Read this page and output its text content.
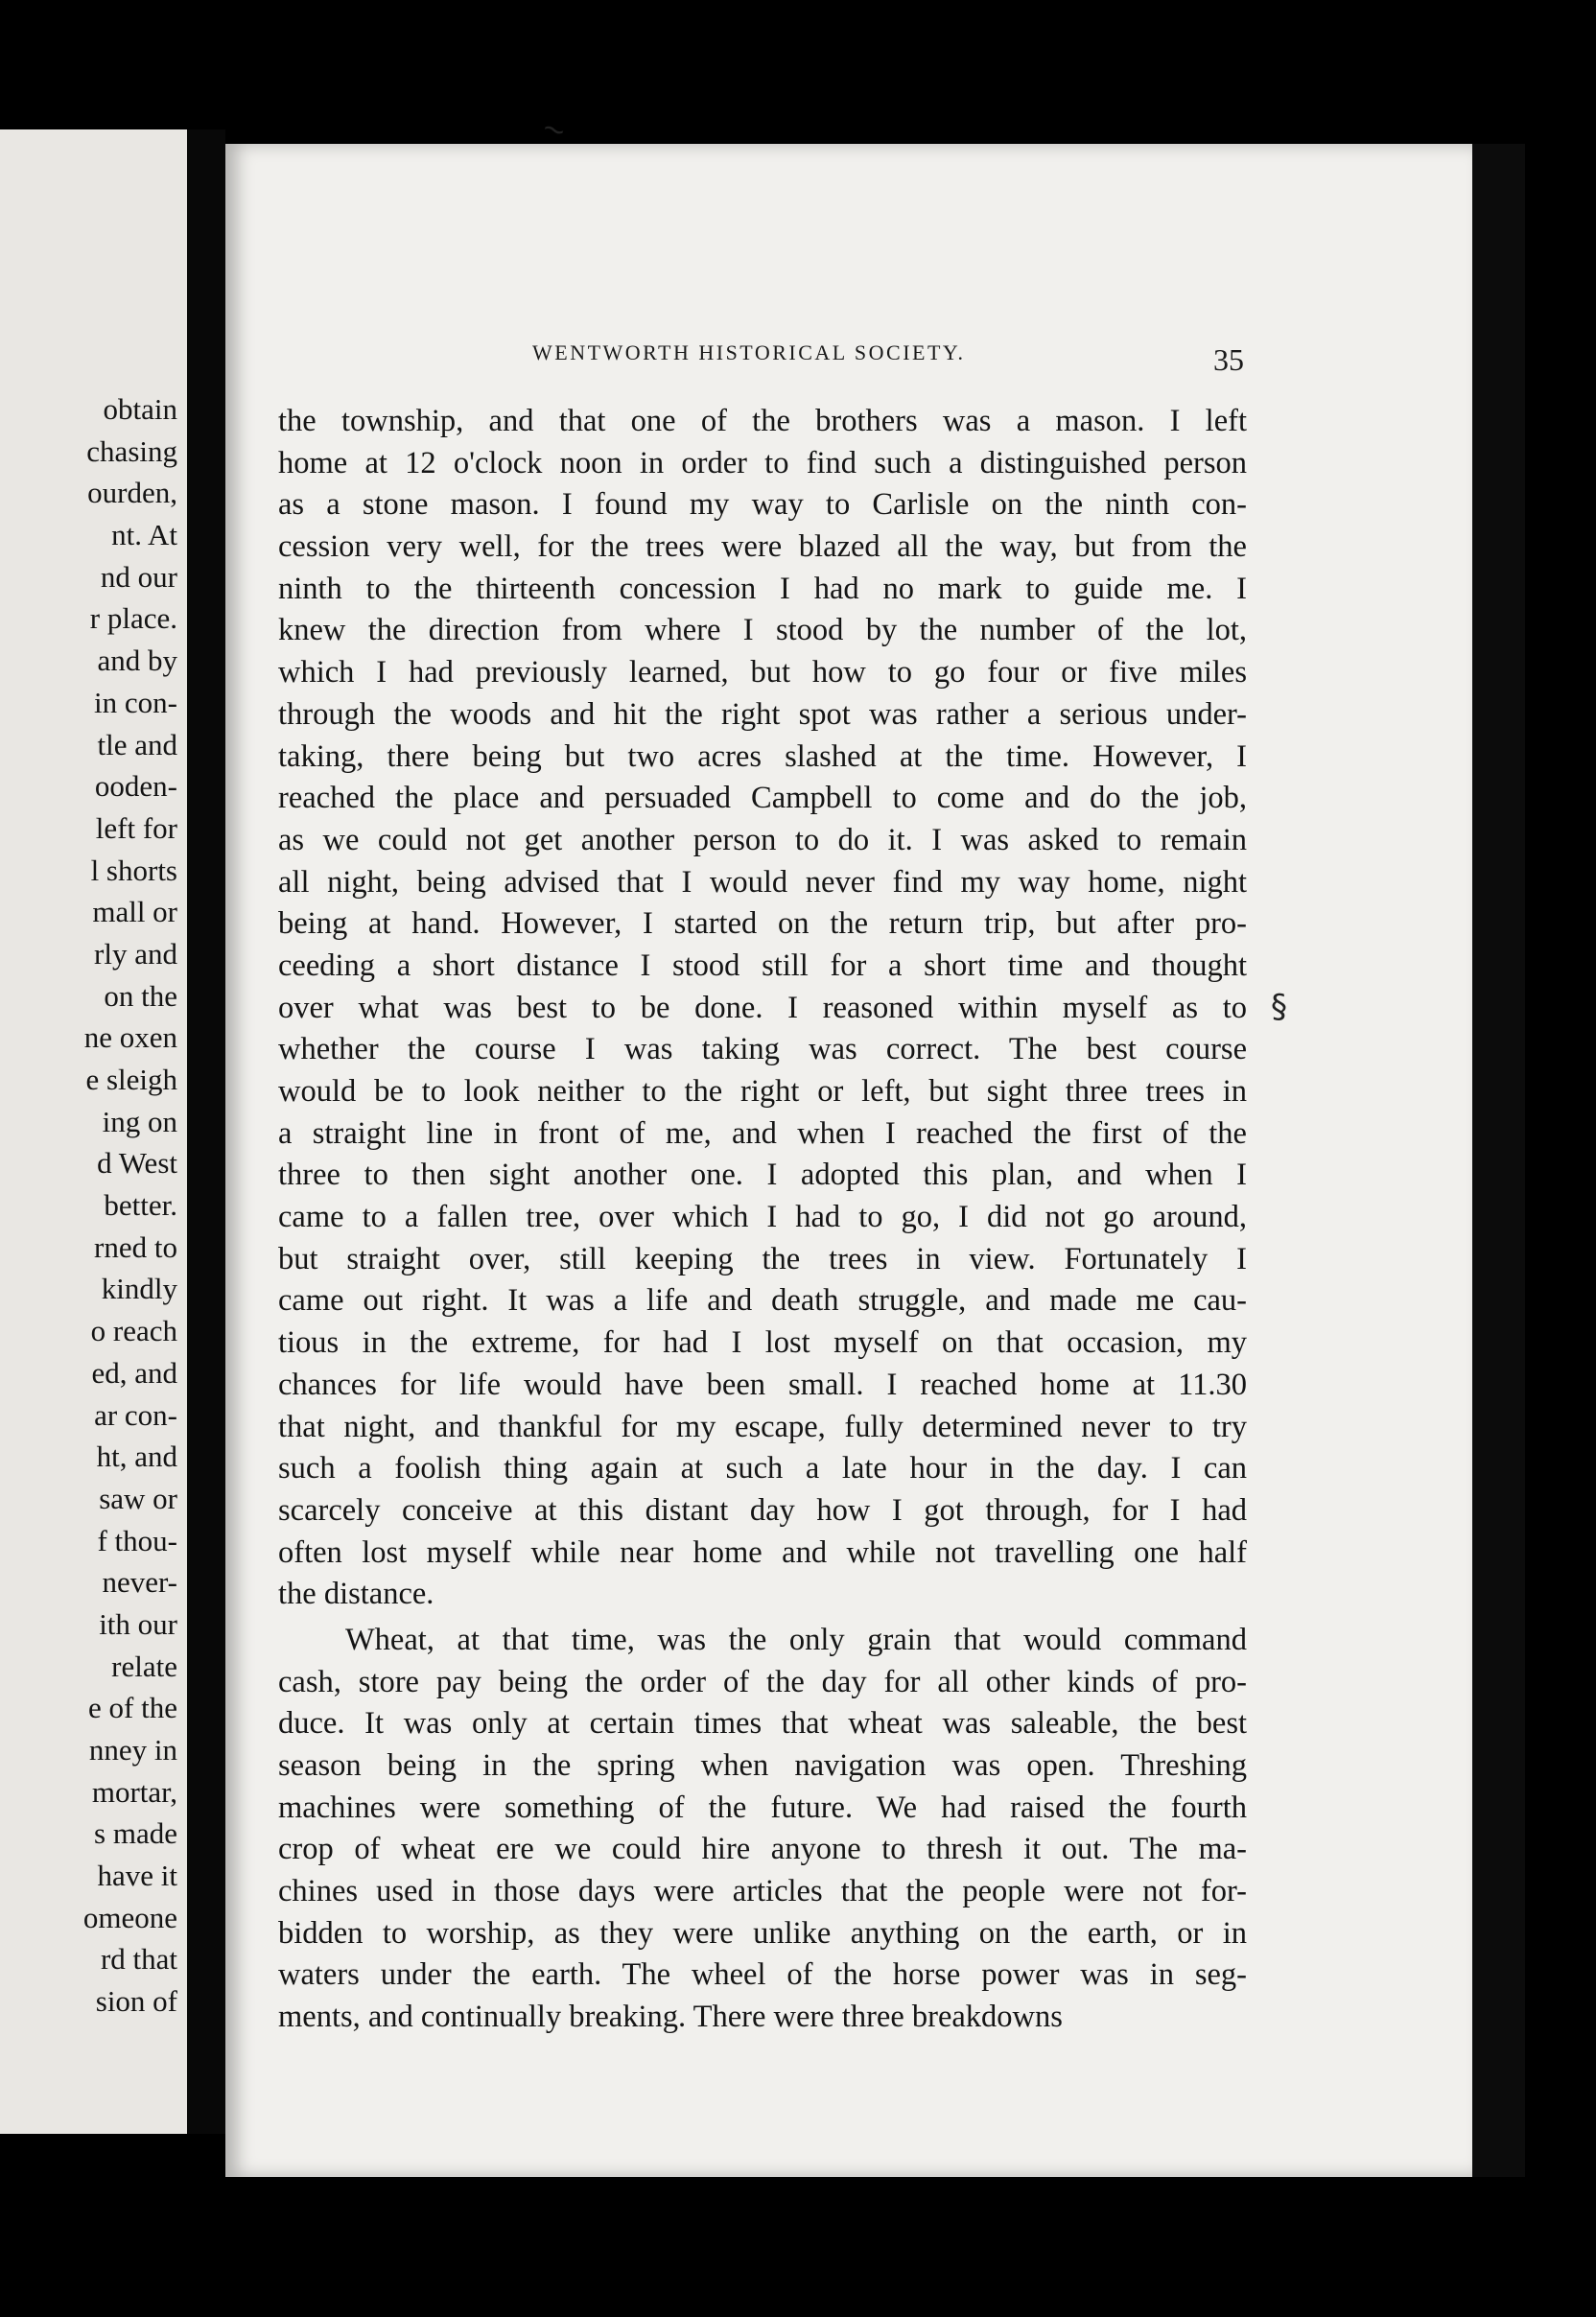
obtain
chasing
ourden,
nt. At
nd our
r place.
and by
in con-
tle and
ooden-
left for
l shorts
mall or
rly and
on the
ne oxen
e sleigh
ing on
d West
better.
rned to
kindly
o reach
ed, and
ar con-
ht, and
saw or
f thou-
never-
ith our
relate
e of the
nney in
mortar,
s made
have it
omeone
rd that
sion of
WENTWORTH HISTORICAL SOCIETY.	35

the township, and that one of the brothers was a mason. I left
home at 12 o'clock noon in order to find such a distinguished person
as a stone mason. I found my way to Carlisle on the ninth con-
cession very well, for the trees were blazed all the way, but from the
ninth to the thirteenth concession I had no mark to guide me. I
knew the direction from where I stood by the number of the lot,
which I had previously learned, but how to go four or five miles
through the woods and hit the right spot was rather a serious under-
taking, there being but two acres slashed at the time. However, I
reached the place and persuaded Campbell to come and do the job,
as we could not get another person to do it. I was asked to remain
all night, being advised that I would never find my way home, night
being at hand. However, I started on the return trip, but after pro-
ceeding a short distance I stood still for a short time and thought
over what was best to be done. I reasoned within myself as to
whether the course I was taking was correct. The best course
would be to look neither to the right or left, but sight three trees in
a straight line in front of me, and when I reached the first of the
three to then sight another one. I adopted this plan, and when I
came to a fallen tree, over which I had to go, I did not go around,
but straight over, still keeping the trees in view. Fortunately I
came out right. It was a life and death struggle, and made me cau-
tious in the extreme, for had I lost myself on that occasion, my
chances for life would have been small. I reached home at 11.30
that night, and thankful for my escape, fully determined never to try
such a foolish thing again at such a late hour in the day. I can
scarcely conceive at this distant day how I got through, for I had
often lost myself while near home and while not travelling one half
the distance.

Wheat, at that time, was the only grain that would command
cash, store pay being the order of the day for all other kinds of pro-
duce. It was only at certain times that wheat was saleable, the best
season being in the spring when navigation was open. Threshing
machines were something of the future. We had raised the fourth
crop of wheat ere we could hire anyone to thresh it out. The ma-
chines used in those days were articles that the people were not for-
bidden to worship, as they were unlike anything on the earth, or in
waters under the earth. The wheel of the horse power was in seg-
ments, and continually breaking. There were three breakdowns

~
§
